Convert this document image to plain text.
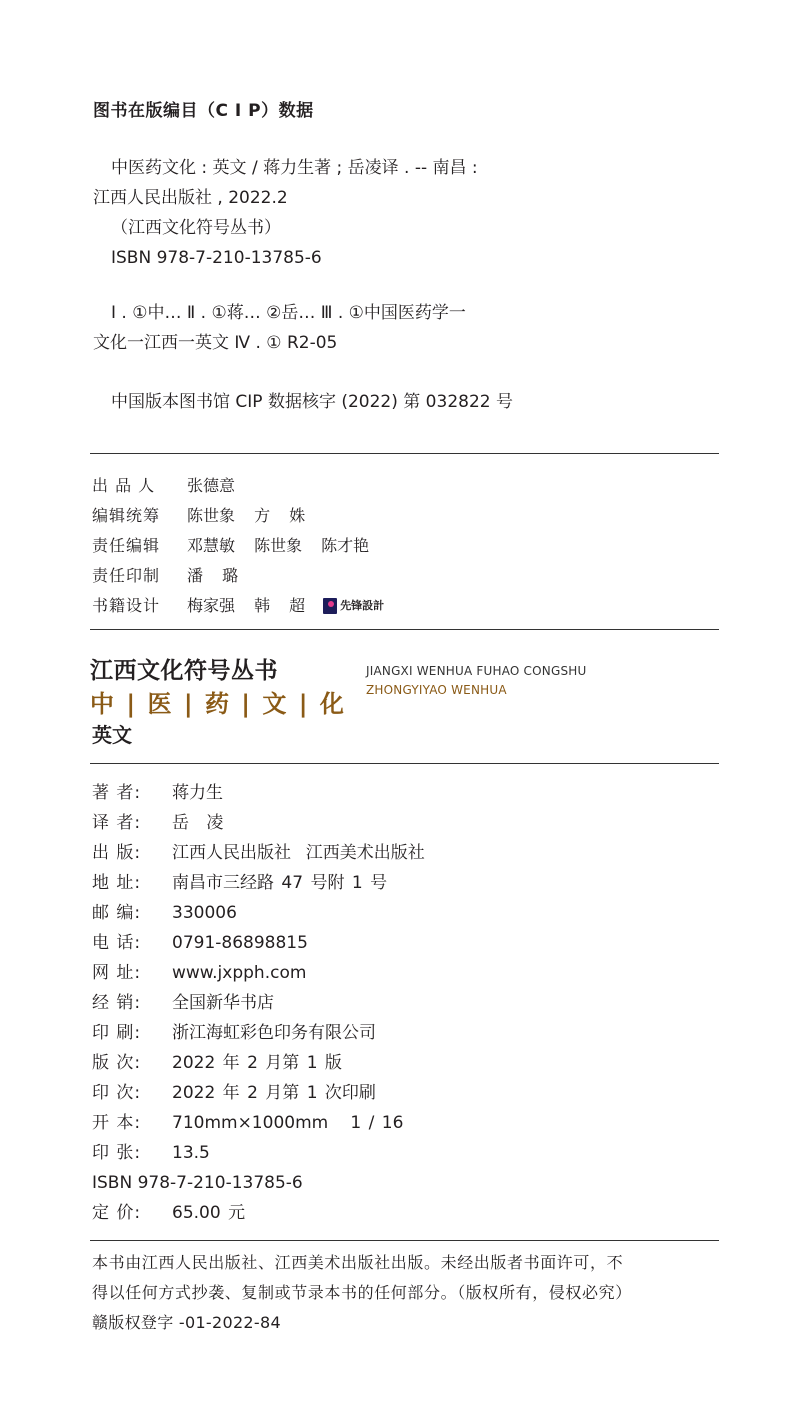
图书在版编目（C I P）数据
中医药文化 : 英文 / 蒋力生著 ; 岳凌译 . -- 南昌 :
江西人民出版社 , 2022.2
（江西文化符号丛书）
ISBN 978-7-210-13785-6
Ⅰ . ①中… Ⅱ . ①蒋… ②岳… Ⅲ . ①中国医药学一
文化一江西一英文 Ⅳ . ① R2-05
中国版本图书馆 CIP 数据核字 (2022) 第 032822 号
出 品 人	张德意
编辑统筹	陈世象 方 姝
责任编辑	邓慧敏 陈世象 陈才艳
责任印制	潘 璐
书籍设计	梅家强 韩 超	先锋設計
江西文化符号丛书	JIANGXI WENHUA FUHAO CONGSHU
中 | 医 | 药 | 文 | 化 ZHONGYIYAO WENHUA
英文
著 者:	蒋力生
译 者:	岳 凌
出 版:	江西人民出版社  江西美术出版社
地 址:	南昌市三经路 47 号附 1 号
邮 编:	330006
电 话:	0791-86898815
网 址:	www.jxpph.com
经 销:	全国新华书店
印 刷:	浙江海虹彩色印务有限公司
版 次:	2022 年 2 月第 1 版
印 次:	2022 年 2 月第 1 次印刷
开 本:	710mm×1000mm   1 / 16
印 张:	13.5
ISBN 978-7-210-13785-6
定 价:	65.00 元
本书由江西人民出版社、江西美术出版社出版。未经出版者书面许可，不
得以任何方式抄袭、复制或节录本书的任何部分。（版权所有，侵权必究）
赣版权登字 -01-2022-84
